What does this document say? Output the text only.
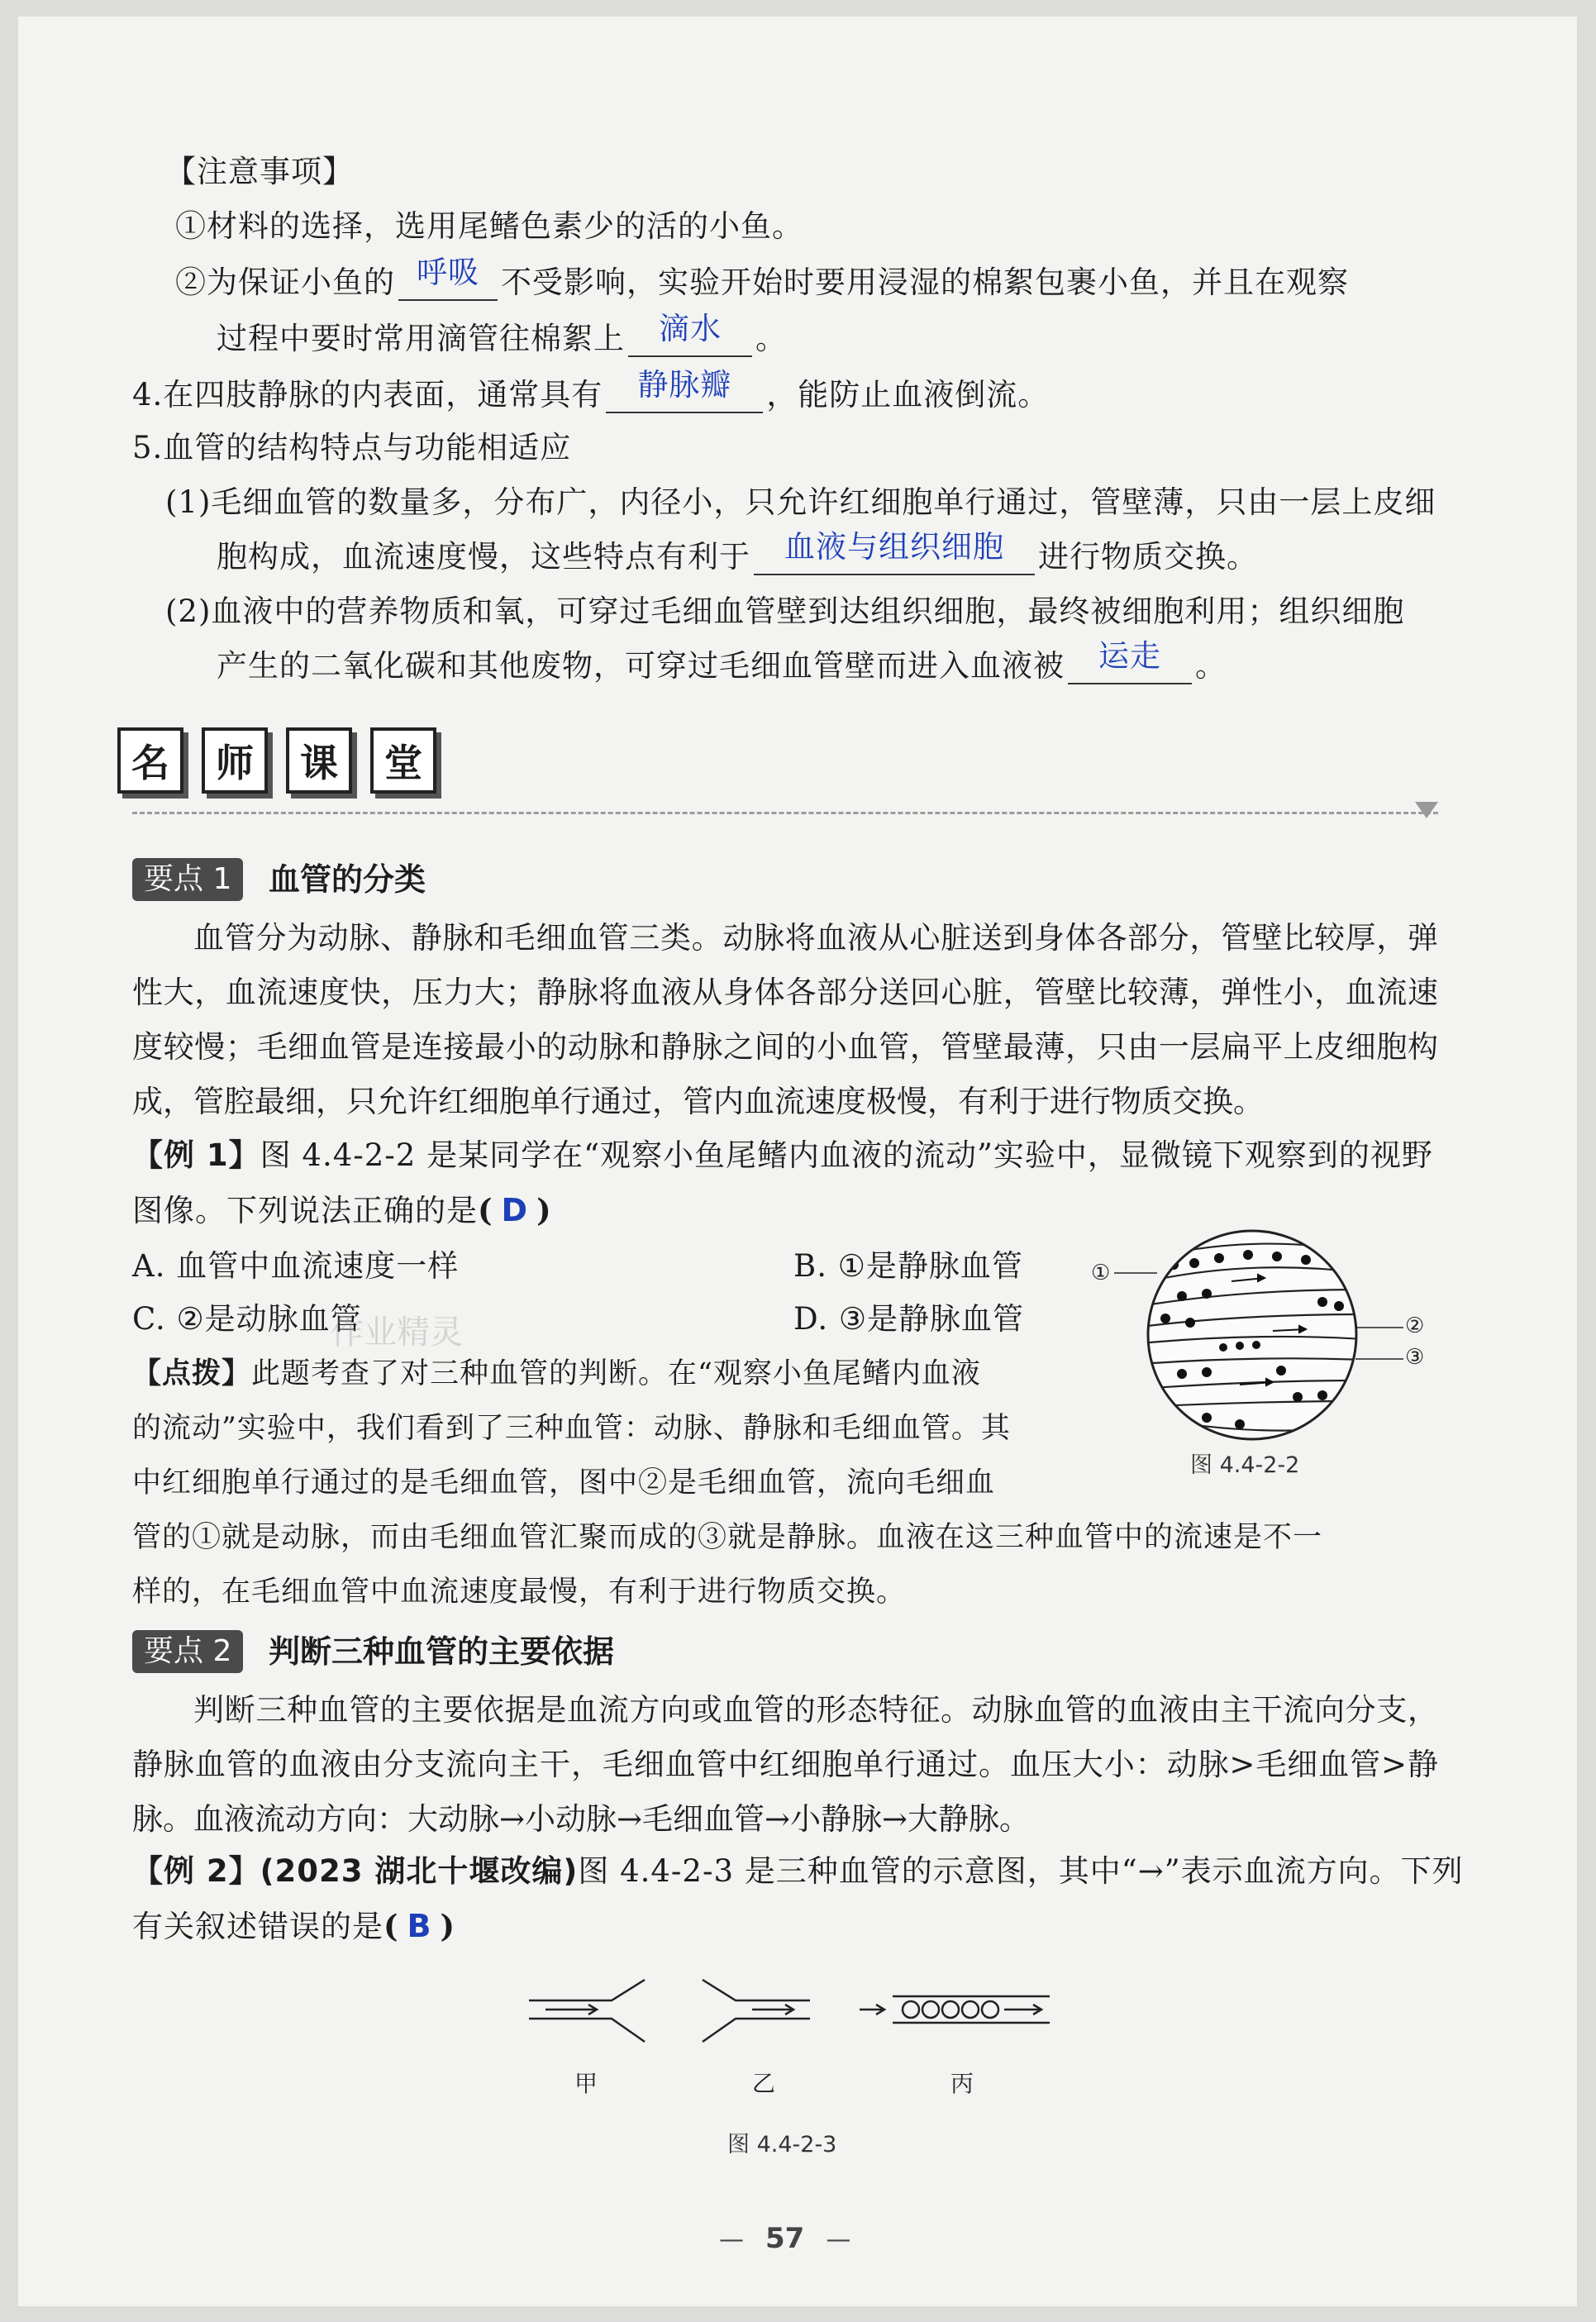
【注意事项】
①材料的选择，选用尾鳍色素少的活的小鱼。
②为保证小鱼的 呼吸 不受影响，实验开始时要用浸湿的棉絮包裹小鱼，并且在观察
过程中要时常用滴管往棉絮上 滴水 。
4.在四肢静脉的内表面，通常具有 静脉瓣 ，能防止血液倒流。
5.血管的结构特点与功能相适应
(1)毛细血管的数量多，分布广，内径小，只允许红细胞单行通过，管壁薄，只由一层上皮细
胞构成，血流速度慢，这些特点有利于 血液与组织细胞 进行物质交换。
(2)血液中的营养物质和氧，可穿过毛细血管壁到达组织细胞，最终被细胞利用；组织细胞
产生的二氧化碳和其他废物，可穿过毛细血管壁而进入血液被 运走 。
名	师	课	堂
要点 1	血管的分类
血管分为动脉、静脉和毛细血管三类。动脉将血液从心脏送到身体各部分，管壁比较厚，弹性大，血流速度快，压力大；静脉将血液从身体各部分送回心脏，管壁比较薄，弹性小，血流速度较慢；毛细血管是连接最小的动脉和静脉之间的小血管，管壁最薄，只由一层扁平上皮细胞构成，管腔最细，只允许红细胞单行通过，管内血流速度极慢，有利于进行物质交换。
【例 1】图 4.4-2-2 是某同学在“观察小鱼尾鳍内血液的流动”实验中，显微镜下观察到的视野
图像。下列说法正确的是( D )
A. 血管中血流速度一样	B. ①是静脉血管
C. ②是动脉血管	D. ③是静脉血管
作业精灵
【点拨】此题考查了对三种血管的判断。在“观察小鱼尾鳍内血液
的流动”实验中，我们看到了三种血管：动脉、静脉和毛细血管。其
中红细胞单行通过的是毛细血管，图中②是毛细血管，流向毛细血
管的①就是动脉，而由毛细血管汇聚而成的③就是静脉。血液在这三种血管中的流速是不一
样的，在毛细血管中血流速度最慢，有利于进行物质交换。
①
②
③
图 4.4-2-2
要点 2	判断三种血管的主要依据
判断三种血管的主要依据是血流方向或血管的形态特征。动脉血管的血液由主干流向分支，静脉血管的血液由分支流向主干，毛细血管中红细胞单行通过。血压大小：动脉>毛细血管>静脉。血液流动方向：大动脉→小动脉→毛细血管→小静脉→大静脉。
【例 2】(2023 湖北十堰改编)图 4.4-2-3 是三种血管的示意图，其中“→”表示血流方向。下列
有关叙述错误的是( B )
甲	乙	丙
图 4.4-2-3
— 57 —
